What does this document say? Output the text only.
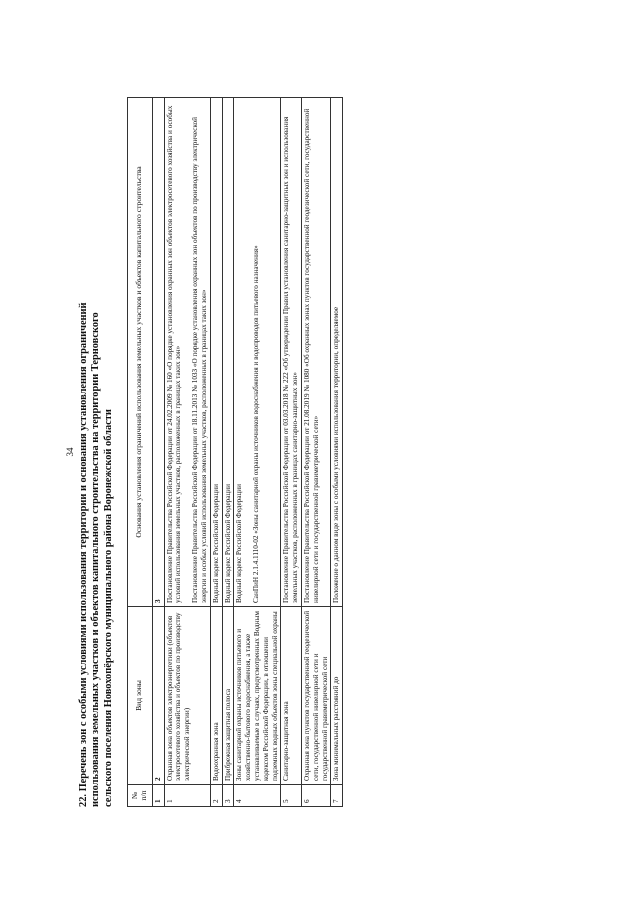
34 22. Перечень зон с особыми условиями использования территории и основания установления ограничений использования земельных участков и объектов капитального строительства на территории Терновского сельского поселения Новохопёрского муниципального района Воронежской области № п/п	Вид зоны	Основания установления ограничений использования земельных участков и объектов капитального строительства
1	2	3
1	Охранная зона объектов электроэнергетики (объектов электросетевого хозяйства и объектов по производству электрической энергии)	Постановление Правительства Российской Федерации от 24.02.2009 № 160 «О порядке установления охранных зон объектов электросетевого хозяйства и особых условий использования земельных участков, расположенных в границах таких зон» Постановление Правительства Российской Федерации от 18.11.2013 № 1033 «О порядке установления охранных зон объектов по производству электрической энергии и особых условий использования земельных участков, расположенных в границах таких зон»

2	Водоохранная зона	Водный кодекс Российской Федерации

3	Прибрежная защитная полоса	Водный кодекс Российской Федерации

4	Зоны санитарной охраны источников питьевого и хозяйственно-бытового водоснабжения, а также устанавливаемые в случаях, предусмотренных Водным кодексом Российской Федерации, в отношении подземных водных объектов зоны специальной охраны	Водный кодекс Российской Федерации СанПиН 2.1.4.1110-02 «Зоны санитарной охраны источников водоснабжения и водопроводов питьевого назначения»

5	Санитарно-защитная зона	Постановление Правительства Российской Федерации от 03.03.2018 № 222 «Об утверждении Правил установления санитарно-защитных зон и использования земельных участков, расположенных в границах санитарно-защитных зон»

6	Охранная зона пунктов государственной геодезической сети, государственной нивелирной сети и государственной гравиметрической сети	Постановление Правительства Российской Федерации от 21.08.2019 № 1080 «Об охранных зонах пунктов государственной геодезической сети, государственной нивелирной сети и государственной гравиметрической сети»

7	Зона минимальных расстояний до	Положение о данном виде зоны с особыми условиями использования территории, определяемое
